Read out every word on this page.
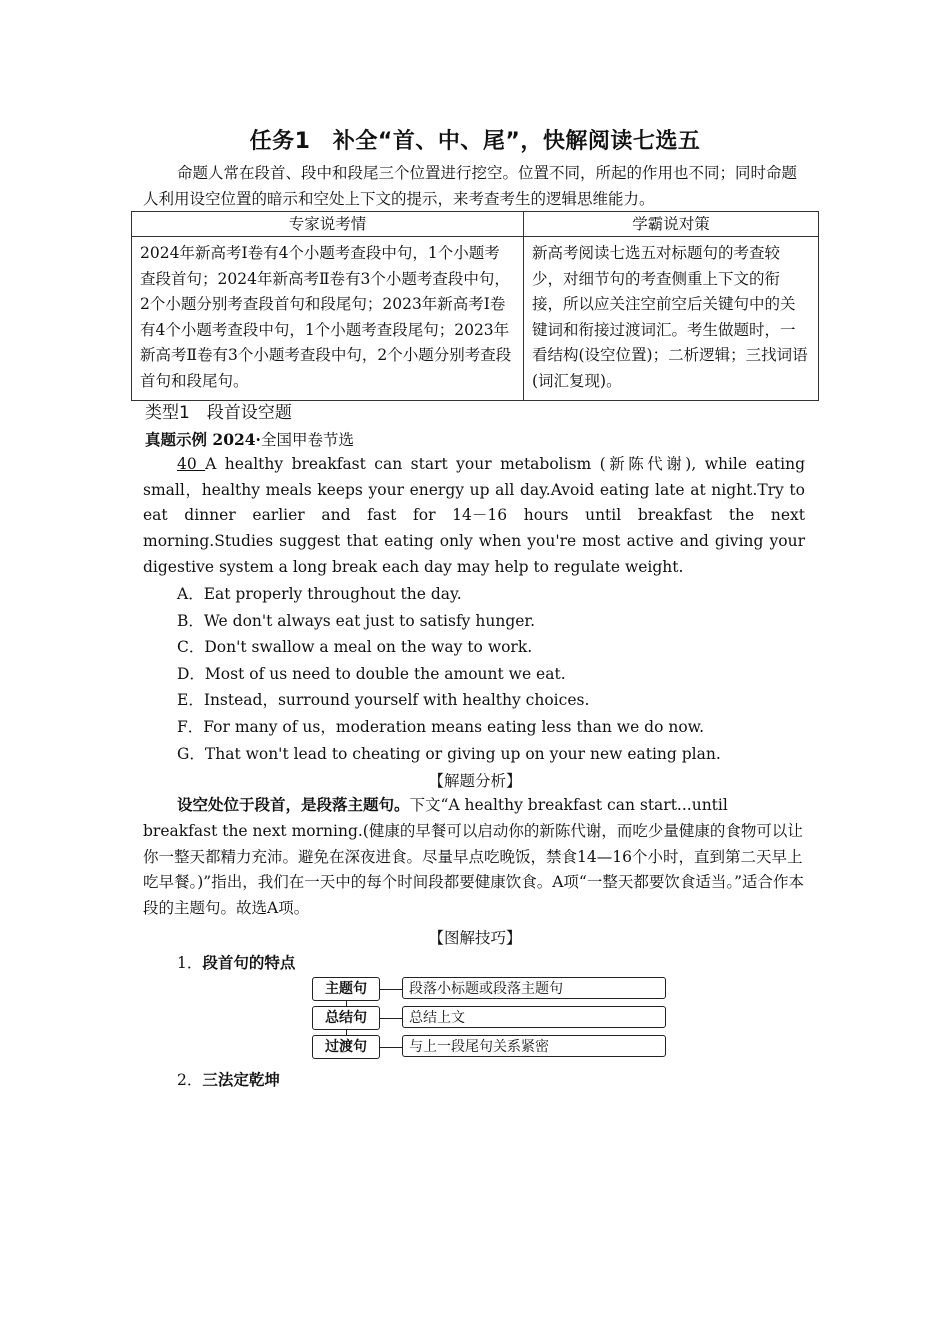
任务1　补全“首、中、尾”，快解阅读七选五
命题人常在段首、段中和段尾三个位置进行挖空。位置不同，所起的作用也不同；同时命题人利用设空位置的暗示和空处上下文的提示，来考查考生的逻辑思维能力。
专家说考情	学霸说对策
2024年新高考Ⅰ卷有4个小题考查段中句，1个小题考查段首句；2024年新高考Ⅱ卷有3个小题考查段中句，2个小题分别考查段首句和段尾句；2023年新高考Ⅰ卷有4个小题考查段中句，1个小题考查段尾句；2023年新高考Ⅱ卷有3个小题考查段中句，2个小题分别考查段首句和段尾句。	新高考阅读七选五对标题句的考查较少，对细节句的考查侧重上下文的衔接，所以应关注空前空后关键句中的关键词和衔接过渡词汇。考生做题时，一看结构(设空位置)；二析逻辑；三找词语(词汇复现)。
类型1　段首设空题
真题示例 2024·全国甲卷节选
40 A healthy breakfast can start your metabolism (新陈代谢), while eating small，healthy meals keeps your energy up all day.Avoid eating late at night.Try to eat dinner earlier and fast for 14－16 hours until breakfast the next morning.Studies suggest that eating only when you're most active and giving your digestive system a long break each day may help to regulate weight.
A．Eat properly throughout the day.
B．We don't always eat just to satisfy hunger.
C．Don't swallow a meal on the way to work.
D．Most of us need to double the amount we eat.
E．Instead，surround yourself with healthy choices.
F．For many of us，moderation means eating less than we do now.
G．That won't lead to cheating or giving up on your new eating plan.
【解题分析】
设空处位于段首，是段落主题句。下文“A healthy breakfast can start...until breakfast the next morning.(健康的早餐可以启动你的新陈代谢，而吃少量健康的食物可以让你一整天都精力充沛。避免在深夜进食。尽量早点吃晚饭，禁食14—16个小时，直到第二天早上吃早餐。)”指出，我们在一天中的每个时间段都要健康饮食。A项“一整天都要饮食适当。”适合作本段的主题句。故选A项。
【图解技巧】
1．段首句的特点
主题句	段落小标题或段落主题句
总结句	总结上文
过渡句	与上一段尾句关系紧密
2．三法定乾坤
